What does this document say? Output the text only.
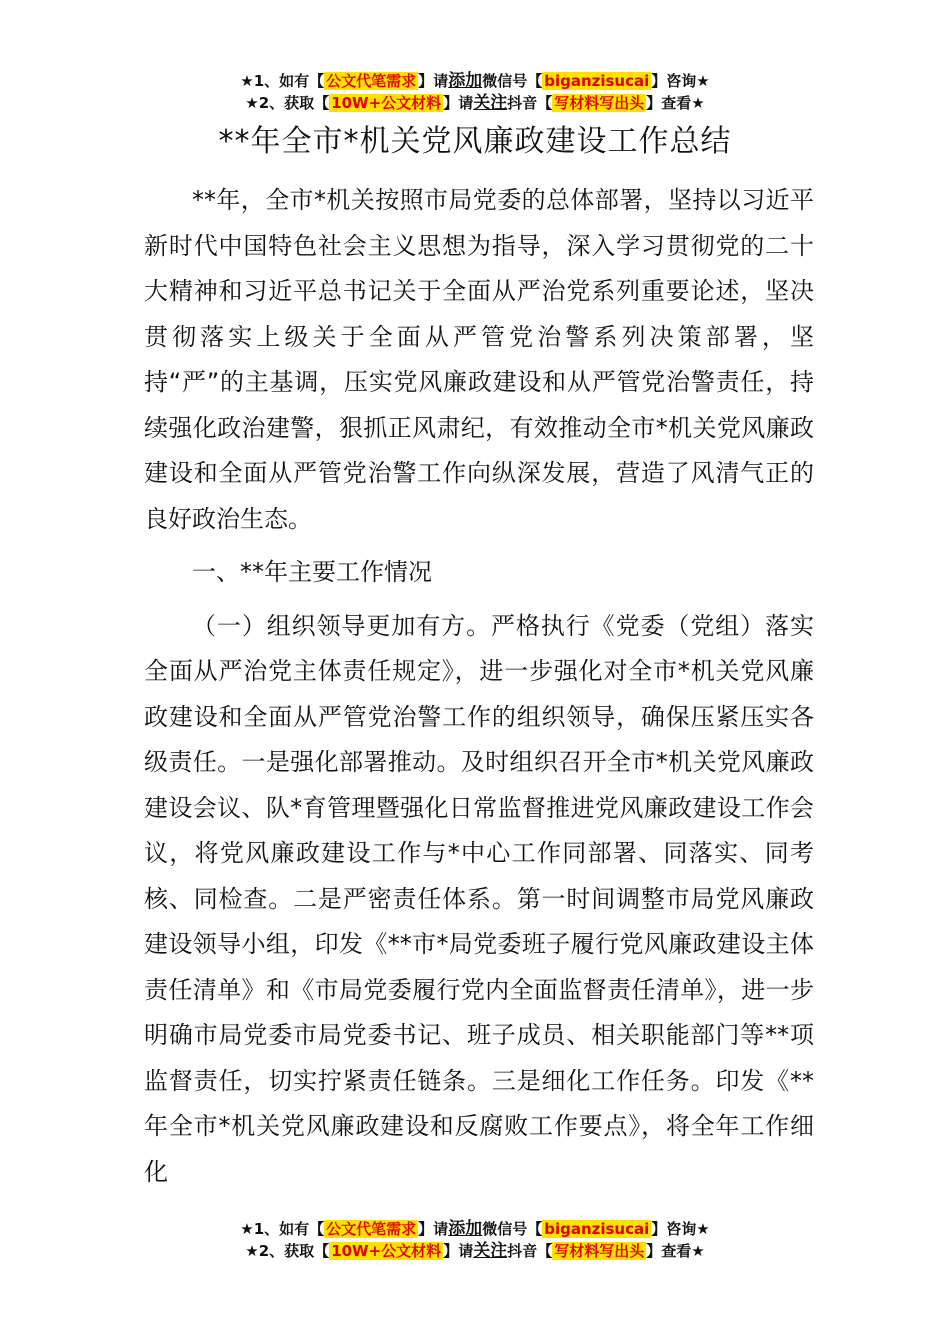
★1、如有【 公文代笔需求 】请添加微信号【 biganzisucai 】咨询★
★2、获取【 10W+公文材料 】请关注抖音【 写材料写出头 】查看★
**年全市*机关党风廉政建设工作总结

**年，全市*机关按照市局党委的总体部署，坚持以习近平新时代中国特色社会主义思想为指导，深入学习贯彻党的二十大精神和习近平总书记关于全面从严治党系列重要论述，坚决贯彻落实上级关于全面从严管党治警系列决策部署，坚持“严”的主基调，压实党风廉政建设和从严管党治警责任，持续强化政治建警，狠抓正风肃纪，有效推动全市*机关党风廉政建设和全面从严管党治警工作向纵深发展，营造了风清气正的良好政治生态。

一、**年主要工作情况

（一）组织领导更加有方。严格执行《党委（党组）落实全面从严治党主体责任规定》，进一步强化对全市*机关党风廉政建设和全面从严管党治警工作的组织领导，确保压紧压实各级责任。一是强化部署推动。及时组织召开全市*机关党风廉政建设会议、队*育管理暨强化日常监督推进党风廉政建设工作会议，将党风廉政建设工作与*中心工作同部署、同落实、同考核、同检查。二是严密责任体系。第一时间调整市局党风廉政建设领导小组，印发《**市*局党委班子履行党风廉政建设主体责任清单》和《市局党委履行党内全面监督责任清单》，进一步明确市局党委市局党委书记、班子成员、相关职能部门等**项监督责任，切实拧紧责任链条。三是细化工作任务。印发《**年全市*机关党风廉政建设和反腐败工作要点》，将全年工作细化

★1、如有【 公文代笔需求 】请添加微信号【 biganzisucai 】咨询★
★2、获取【 10W+公文材料 】请关注抖音【 写材料写出头 】查看★
